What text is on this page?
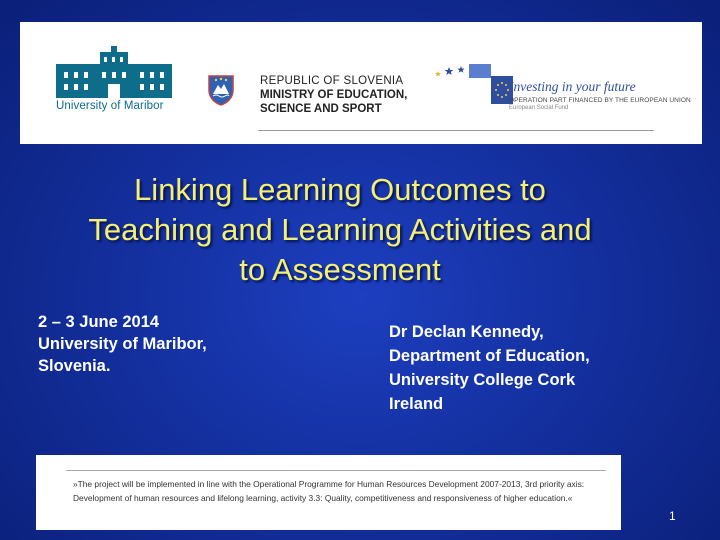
University of Maribor
REPUBLIC OF SLOVENIA
MINISTRY OF EDUCATION,
SCIENCE AND SPORT
Investing in your future
OPERATION PART FINANCED BY THE EUROPEAN UNION
European Social Fund
Linking Learning Outcomes to
Teaching and Learning Activities and
to Assessment
2 – 3 June 2014
University of Maribor,
Slovenia.
Dr Declan Kennedy,
Department of Education,
University College Cork
Ireland

»The project will be implemented in line with the Operational Programme for Human Resources Development 2007-2013, 3rd priority axis: Development of human resources and lifelong learning, activity 3.3: Quality, competitiveness and responsiveness of higher education.«

1
